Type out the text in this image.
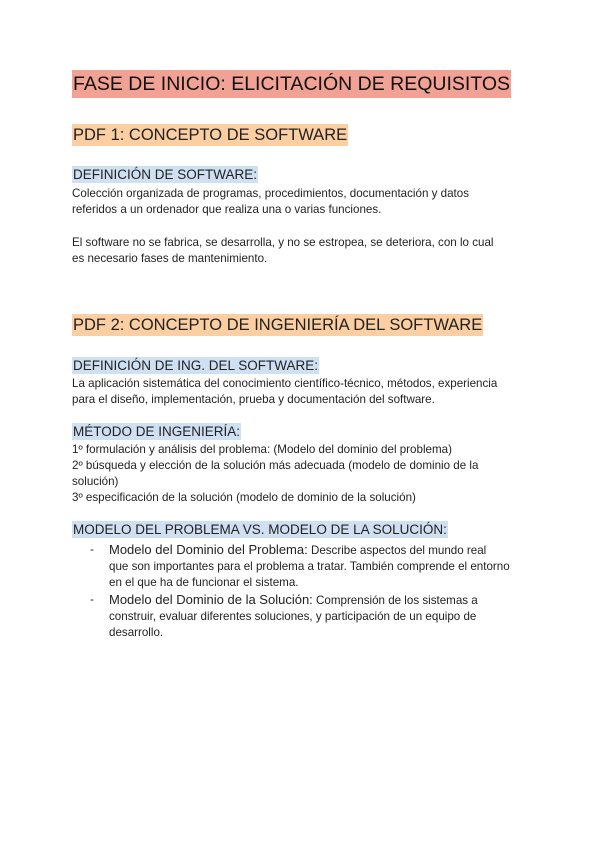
FASE DE INICIO: ELICITACIÓN DE REQUISITOS
PDF 1: CONCEPTO DE SOFTWARE
DEFINICIÓN DE SOFTWARE:
Colección organizada de programas, procedimientos, documentación y datos
referidos a un ordenador que realiza una o varias funciones.
El software no se fabrica, se desarrolla, y no se estropea, se deteriora, con lo cual
es necesario fases de mantenimiento.
PDF 2: CONCEPTO DE INGENIERÍA DEL SOFTWARE
DEFINICIÓN DE ING. DEL SOFTWARE:
La aplicación sistemática del conocimiento científico-técnico, métodos, experiencia
para el diseño, implementación, prueba y documentación del software.
MÉTODO DE INGENIERÍA:
1º formulación y análisis del problema: (Modelo del dominio del problema)
2º búsqueda y elección de la solución más adecuada (modelo de dominio de la
solución)
3º especificación de la solución (modelo de dominio de la solución)
MODELO DEL PROBLEMA VS. MODELO DE LA SOLUCIÓN:
- Modelo del Dominio del Problema: Describe aspectos del mundo real
que son importantes para el problema a tratar. También comprende el entorno
en el que ha de funcionar el sistema.
- Modelo del Dominio de la Solución: Comprensión de los sistemas a
construir, evaluar diferentes soluciones, y participación de un equipo de
desarrollo.
